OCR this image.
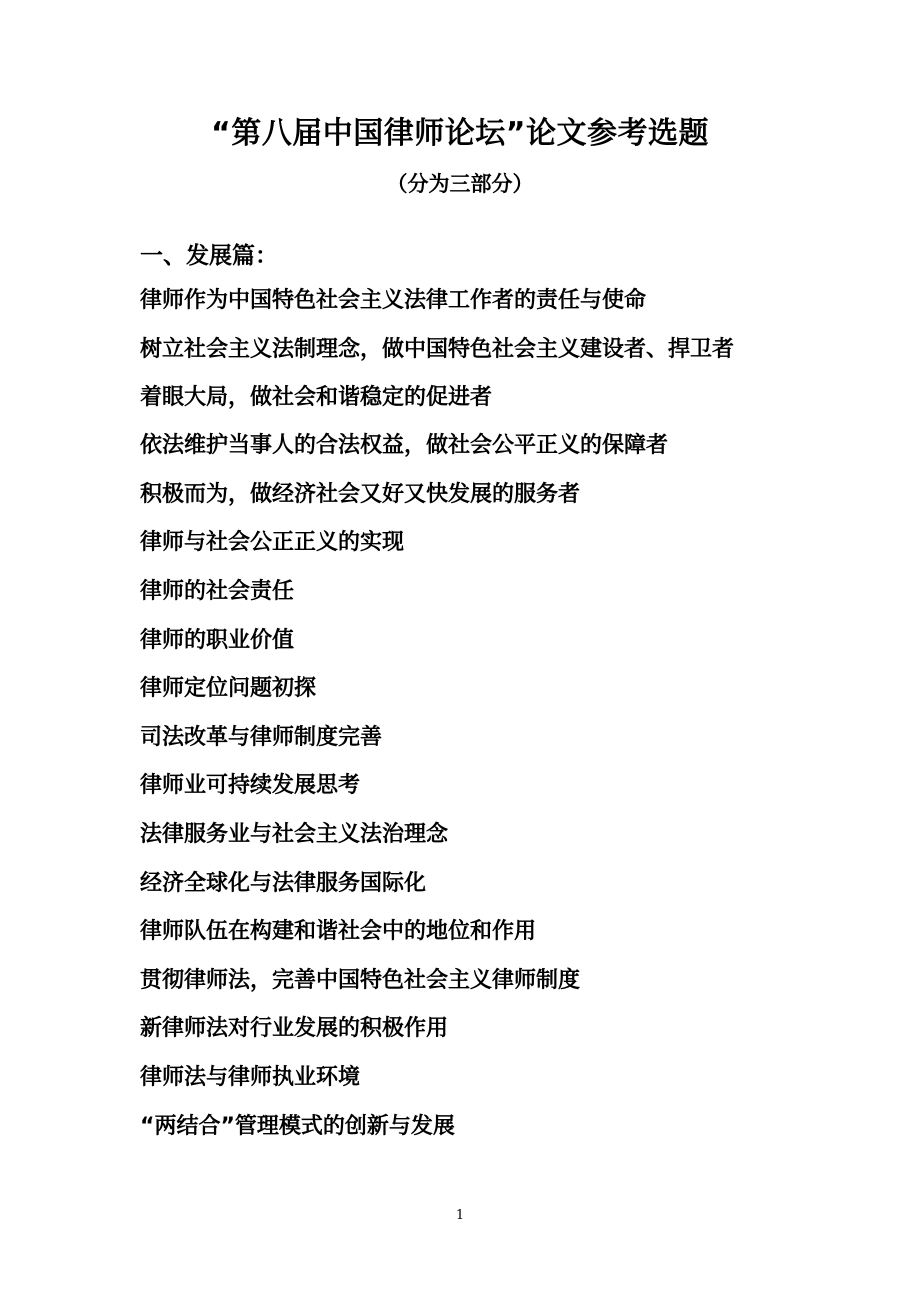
“第八届中国律师论坛”论文参考选题
（分为三部分）
一、发展篇：
律师作为中国特色社会主义法律工作者的责任与使命
树立社会主义法制理念，做中国特色社会主义建设者、捍卫者
着眼大局，做社会和谐稳定的促进者
依法维护当事人的合法权益，做社会公平正义的保障者
积极而为，做经济社会又好又快发展的服务者
律师与社会公正正义的实现
律师的社会责任
律师的职业价值
律师定位问题初探
司法改革与律师制度完善
律师业可持续发展思考
法律服务业与社会主义法治理念
经济全球化与法律服务国际化
律师队伍在构建和谐社会中的地位和作用
贯彻律师法，完善中国特色社会主义律师制度
新律师法对行业发展的积极作用
律师法与律师执业环境
“两结合”管理模式的创新与发展
1
